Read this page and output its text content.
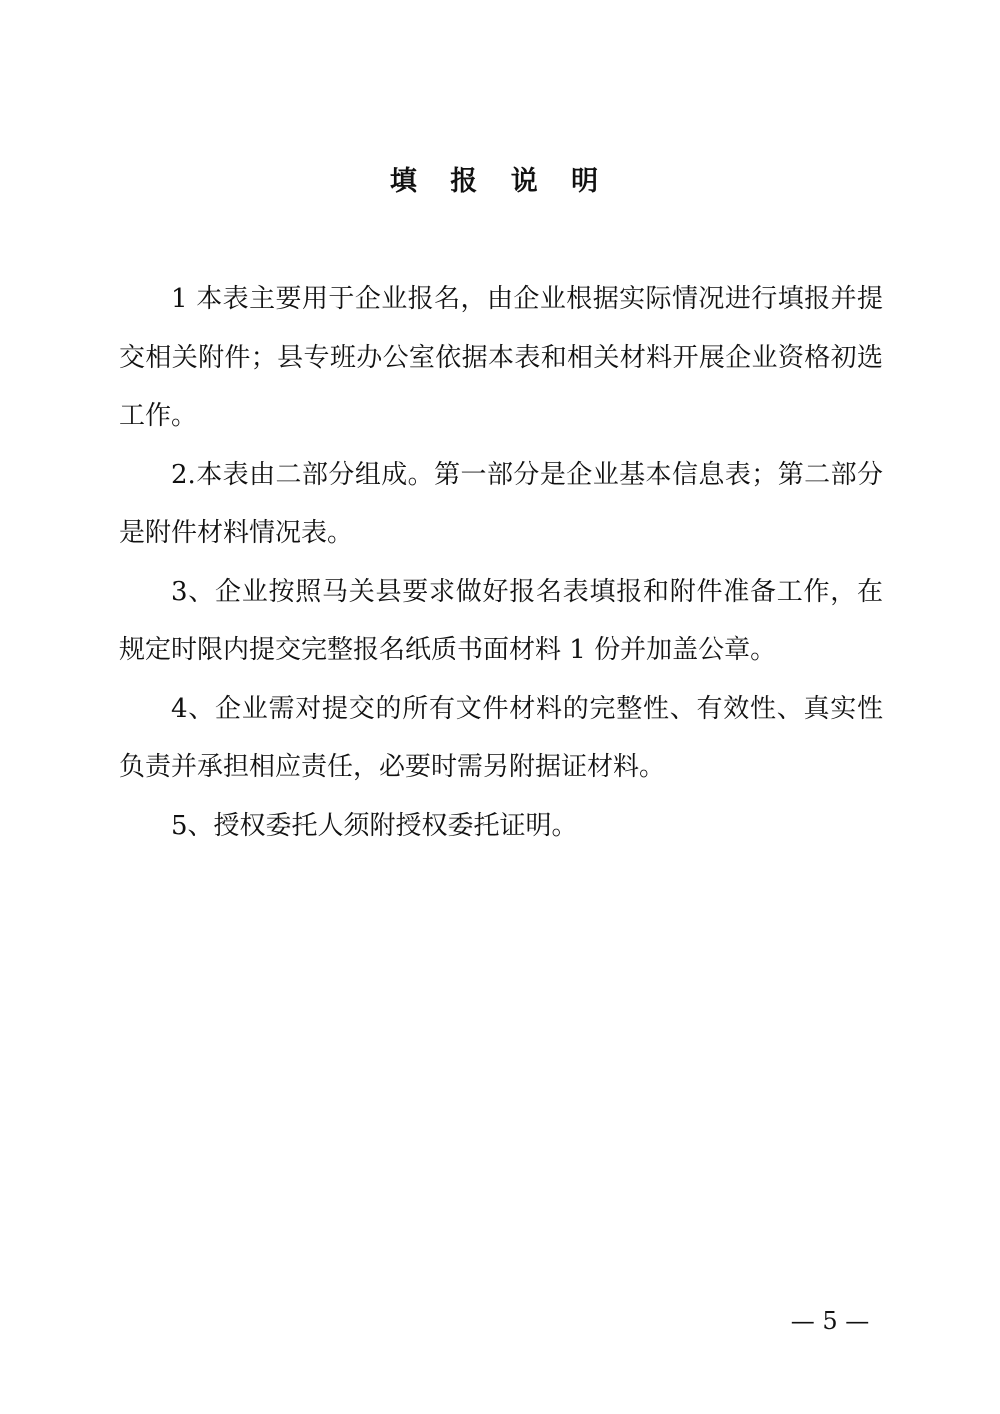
填 报 说 明

1 本表主要用于企业报名，由企业根据实际情况进行填报并提交相关附件；县专班办公室依据本表和相关材料开展企业资格初选工作。

2.本表由二部分组成。第一部分是企业基本信息表；第二部分是附件材料情况表。

3、企业按照马关县要求做好报名表填报和附件准备工作，在规定时限内提交完整报名纸质书面材料 1 份并加盖公章。

4、企业需对提交的所有文件材料的完整性、有效性、真实性负责并承担相应责任，必要时需另附据证材料。

5、授权委托人须附授权委托证明。

— 5 —
